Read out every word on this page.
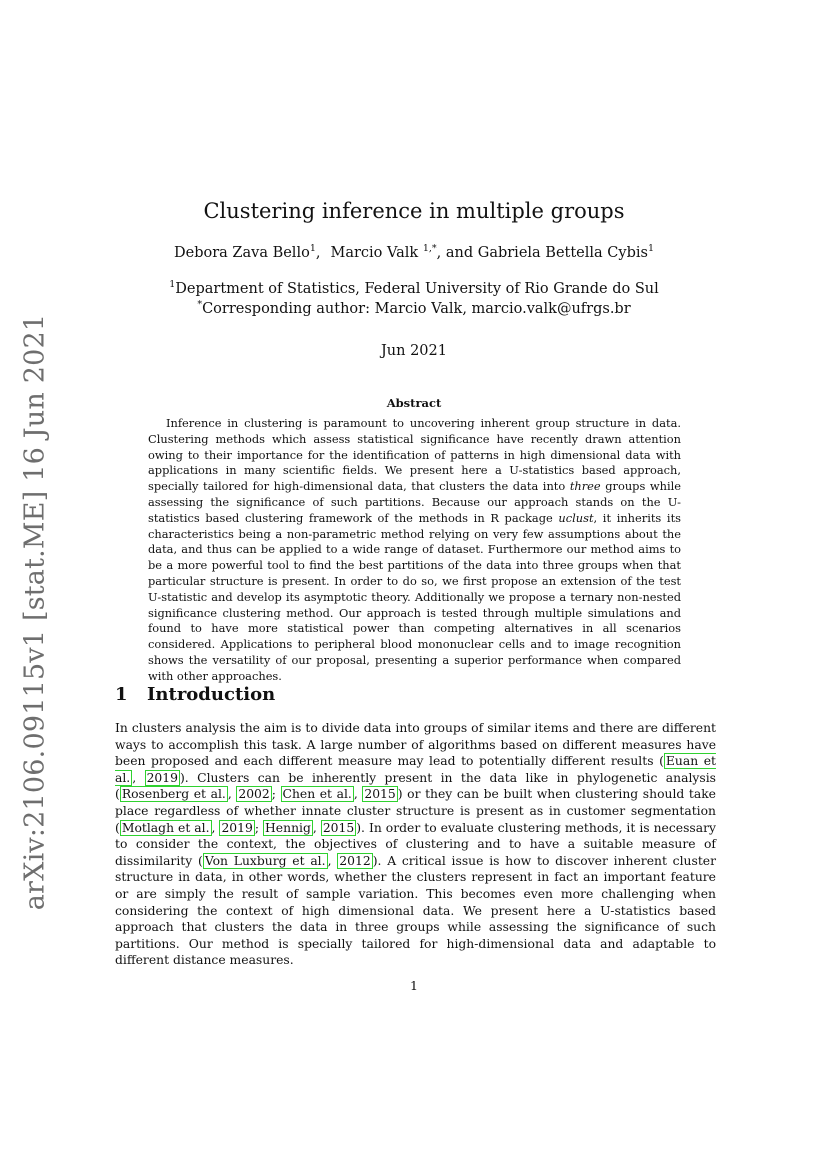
arXiv:2106.09115v1 [stat.ME] 16 Jun 2021
Clustering inference in multiple groups
Debora Zava Bello$^1$, Marcio Valk $^{1,*}$, and Gabriela Bettella Cybis$^1$
$^1$Department of Statistics, Federal University of Rio Grande do Sul
*Corresponding author: Marcio Valk, marcio.valk@ufrgs.br
Jun 2021
Abstract

Inference in clustering is paramount to uncovering inherent group structure in data. Clustering methods which assess statistical significance have recently drawn attention owing to their importance for the identification of patterns in high dimensional data with applications in many scientific fields. We present here a U-statistics based approach, specially tailored for high-dimensional data, that clusters the data into three groups while assessing the significance of such partitions. Because our approach stands on the U-statistics based clustering framework of the methods in R package uclust, it inherits its characteristics being a non-parametric method relying on very few assumptions about the data, and thus can be applied to a wide range of dataset. Furthermore our method aims to be a more powerful tool to find the best partitions of the data into three groups when that particular structure is present. In order to do so, we first propose an extension of the test U-statistic and develop its asymptotic theory. Additionally we propose a ternary non-nested significance clustering method. Our approach is tested through multiple simulations and found to have more statistical power than competing alternatives in all scenarios considered. Applications to peripheral blood mononuclear cells and to image recognition shows the versatility of our proposal, presenting a superior performance when compared with other approaches.

1 Introduction

In clusters analysis the aim is to divide data into groups of similar items and there are different ways to accomplish this task. A large number of algorithms based on different measures have been proposed and each different measure may lead to potentially different results ( Euan et al. , 2019 ). Clusters can be inherently present in the data like in phylogenetic analysis ( Rosenberg et al. , 2002 ; Chen et al. , 2015 ) or they can be built when clustering should take place regardless of whether innate cluster structure is present as in customer segmentation ( Motlagh et al. , 2019 ; Hennig , 2015 ). In order to evaluate clustering methods, it is necessary to consider the context, the objectives of clustering and to have a suitable measure of dissimilarity ( Von Luxburg et al. , 2012 ). A critical issue is how to discover inherent cluster structure in data, in other words, whether the clusters represent in fact an important feature or are simply the result of sample variation. This becomes even more challenging when considering the context of high dimensional data. We present here a U-statistics based approach that clusters the data in three groups while assessing the significance of such partitions. Our method is specially tailored for high-dimensional data and adaptable to different distance measures.

1
